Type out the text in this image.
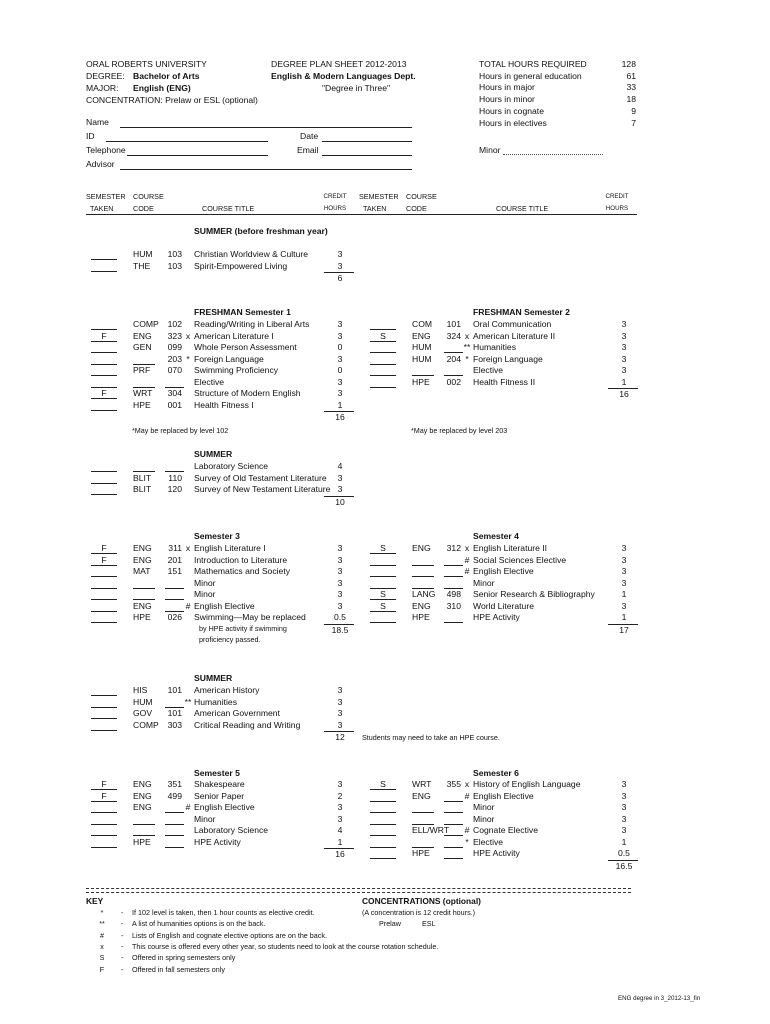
ORAL ROBERTS UNIVERSITY
DEGREE: Bachelor of Arts
MAJOR: English (ENG)
CONCENTRATION: Prelaw or ESL (optional)
DEGREE PLAN SHEET 2012-2013
English & Modern Languages Dept.
"Degree in Three"
TOTAL HOURS REQUIRED	128
Hours in general education	61
Hours in major	33
Hours in minor	18
Hours in cognate	9
Hours in electives	7
Name
ID	Date
Telephone	Email	Minor
Advisor
SEMESTER
TAKEN
COURSE
CODE	COURSE TITLE
CREDIT
HOURS
SEMESTER
TAKEN
COURSE
CODE	COURSE TITLE
CREDIT
HOURS
SUMMER (before freshman year)
HUM	103 Christian Worldview & Culture	3
THE	103 Spirit-Empowered Living	3
6
FRESHMAN Semester 1
COMP	102 Reading/Writing in Liberal Arts	3
F	ENG	323 x American Literature I	3
GEN	099 Whole Person Assessment	0
203 * Foreign Language	3
PRF	070 Swimming Proficiency	0
Elective	3
F	WRT	304 Structure of Modern English	3
HPE	001 Health Fitness I	1
16
*May be replaced by level 102
FRESHMAN Semester 2
COM	101 Oral Communication	3
S	ENG	324 x American Literature II	3
HUM	** Humanities	3
HUM	204 * Foreign Language	3
Elective	3
HPE	002 Health Fitness II	1
16
*May be replaced by level 203
SUMMER
Laboratory Science	4
BLIT	110 Survey of Old Testament Literature	3
BLIT	120 Survey of New Testament Literature 3
10
Semester 3
F	ENG	311 x English Literature I	3
F	ENG	201 Introduction to Literature	3
MAT	151 Mathematics and Society	3
Minor	3
Minor	3
ENG	# English Elective	3
HPE	026 Swimming—May be replaced	0.5
by HPE activity if swimming
proficiency passed.
18.5
Semester 4
S	ENG	312 x English Literature II	3
# Social Sciences Elective	3
# English Elective	3
Minor	3
S	LANG	498 Senior Research & Bibliography	1
S	ENG	310 World Literature	3
HPE	HPE Activity	1
17
SUMMER
HIS	101 American History	3
HUM	** Humanities	3
GOV	101 American Government	3
COMP	303 Critical Reading and Writing	3
12	Students may need to take an HPE course.
Semester 5
F	ENG	351 Shakespeare	3
F	ENG	499 Senior Paper	2
ENG	# English Elective	3
Minor	3
Laboratory Science	4
HPE	HPE Activity	1
16
Semester 6
S	WRT	355 x History of English Language	3
ENG	# English Elective	3
Minor	3
Minor	3
ELL/WRT	# Cognate Elective	3
* Elective	1
HPE	HPE Activity	0.5
16.5
KEY
*	- If 102 level is taken, then 1 hour counts as elective credit.
**	- A list of humanities options is on the back.
#	- Lists of English and cognate elective options are on the back.
x	- This course is offered every other year, so students need to look at the course rotation schedule.
S	- Offered in spring semesters only
F	- Offered in fall semesters only
CONCENTRATIONS (optional)
(A concentration is 12 credit hours.)
Prelaw	ESL
ENG degree in 3_2012-13_fin
